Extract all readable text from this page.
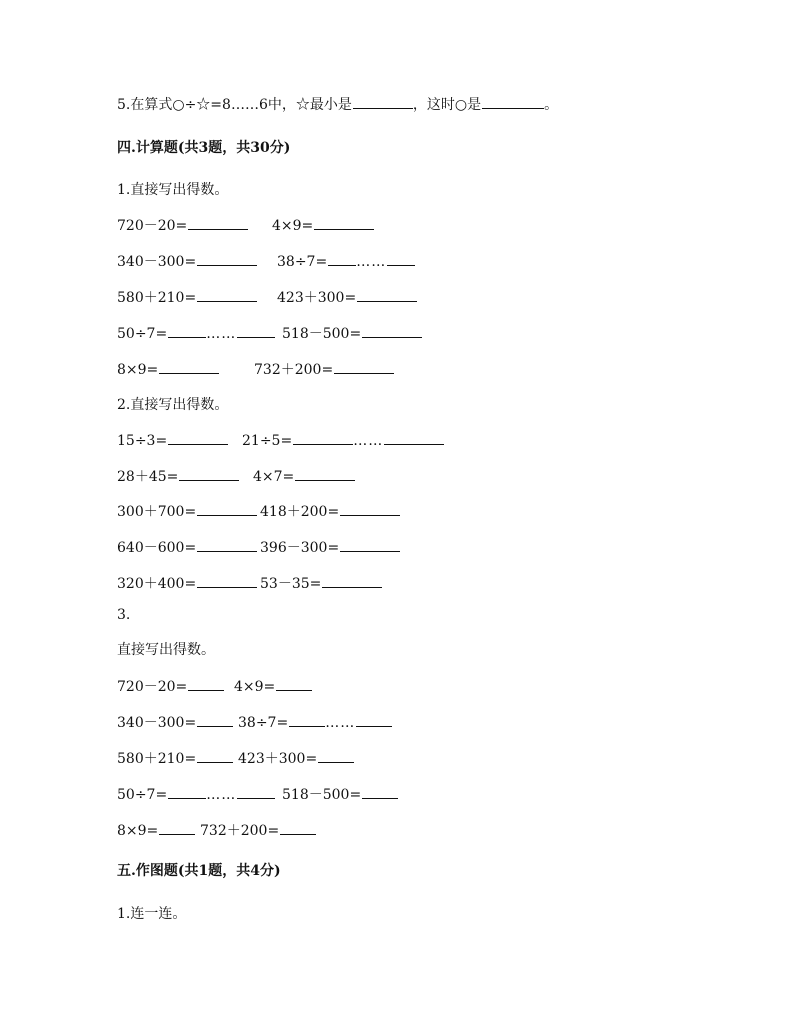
5.在算式○÷☆=8……6中，☆最小是	，这时○是	。
四.计算题(共3题，共30分)
1.直接写出得数。
720－20=	4×9=
340－300=	38÷7= ……
580＋210=	423＋300=
50÷7=	……	518－500=
8×9=	732＋200=
2.直接写出得数。
15÷3=	21÷5=	……
28＋45=	4×7=
300＋700=	418＋200=
640－600=	396－300=
320＋400=	53－35=
3.
直接写出得数。
720－20=	4×9=
340－300=	38÷7=	……
580＋210=	423＋300=
50÷7=	……	518－500=
8×9=	732＋200=
五.作图题(共1题，共4分)
1.连一连。
